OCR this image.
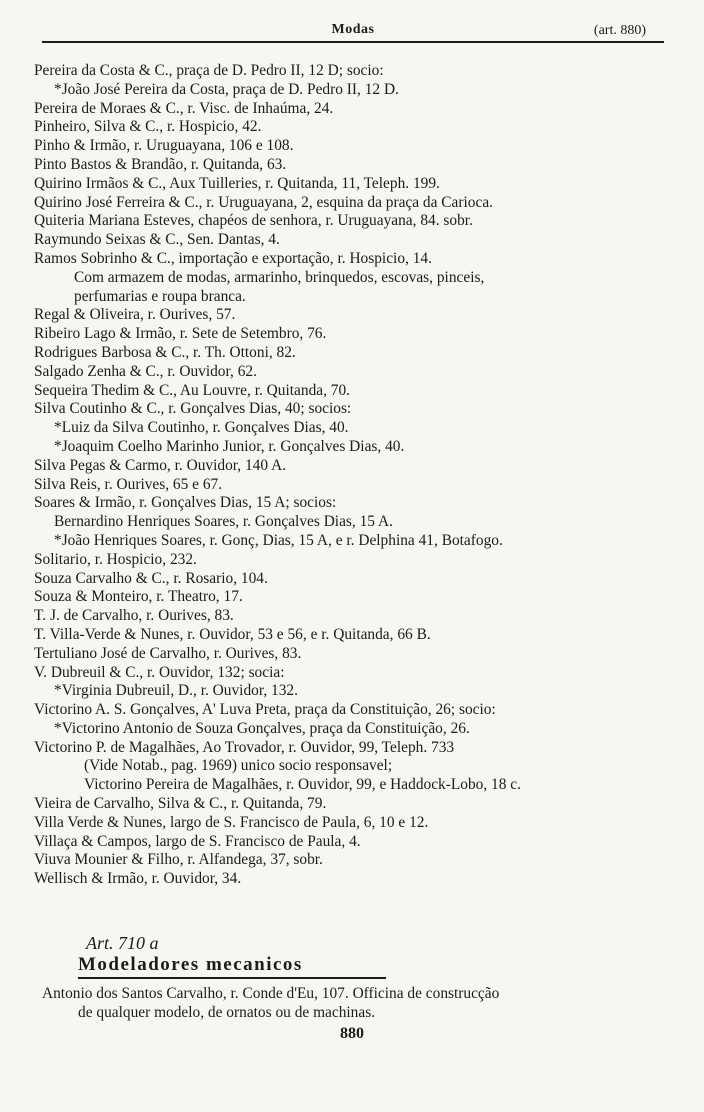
Modas	(art. 880)
Pereira da Costa & C., praça de D. Pedro II, 12 D; socio:
*João José Pereira da Costa, praça de D. Pedro II, 12 D.
Pereira de Moraes & C., r. Visc. de Inhaúma, 24.
Pinheiro, Silva & C., r. Hospicio, 42.
Pinho & Irmão, r. Uruguayana, 106 e 108.
Pinto Bastos & Brandão, r. Quitanda, 63.
Quirino Irmãos & C., Aux Tuilleries, r. Quitanda, 11, Teleph. 199.
Quirino José Ferreira & C., r. Uruguayana, 2, esquina da praça da Carioca.
Quiteria Mariana Esteves, chapéos de senhora, r. Uruguayana, 84. sobr.
Raymundo Seixas & C., Sen. Dantas, 4.
Ramos Sobrinho & C., importação e exportação, r. Hospicio, 14.
Com armazem de modas, armarinho, brinquedos, escovas, pinceis,
perfumarias e roupa branca.
Regal & Oliveira, r. Ourives, 57.
Ribeiro Lago & Irmão, r. Sete de Setembro, 76.
Rodrigues Barbosa & C., r. Th. Ottoni, 82.
Salgado Zenha & C., r. Ouvidor, 62.
Sequeira Thedim & C., Au Louvre, r. Quitanda, 70.
Silva Coutinho & C., r. Gonçalves Dias, 40; socios:
*Luiz da Silva Coutinho, r. Gonçalves Dias, 40.
*Joaquim Coelho Marinho Junior, r. Gonçalves Dias, 40.
Silva Pegas & Carmo, r. Ouvidor, 140 A.
Silva Reis, r. Ourives, 65 e 67.
Soares & Irmão, r. Gonçalves Dias, 15 A; socios:
Bernardino Henriques Soares, r. Gonçalves Dias, 15 A.
*João Henriques Soares, r. Gonç, Dias, 15 A, e r. Delphina 41, Botafogo.
Solitario, r. Hospicio, 232.
Souza Carvalho & C., r. Rosario, 104.
Souza & Monteiro, r. Theatro, 17.
T. J. de Carvalho, r. Ourives, 83.
T. Villa-Verde & Nunes, r. Ouvidor, 53 e 56, e r. Quitanda, 66 B.
Tertuliano José de Carvalho, r. Ourives, 83.
V. Dubreuil & C., r. Ouvidor, 132; socia:
*Virginia Dubreuil, D., r. Ouvidor, 132.
Victorino A. S. Gonçalves, A' Luva Preta, praça da Constituição, 26; socio:
*Victorino Antonio de Souza Gonçalves, praça da Constituição, 26.
Victorino P. de Magalhães, Ao Trovador, r. Ouvidor, 99, Teleph. 733
(Vide Notab., pag. 1969) unico socio responsavel;
Victorino Pereira de Magalhães, r. Ouvidor, 99, e Haddock-Lobo, 18 c.
Vieira de Carvalho, Silva & C., r. Quitanda, 79.
Villa Verde & Nunes, largo de S. Francisco de Paula, 6, 10 e 12.
Villaça & Campos, largo de S. Francisco de Paula, 4.
Viuva Mounier & Filho, r. Alfandega, 37, sobr.
Wellisch & Irmão, r. Ouvidor, 34.
Art. 710 a
Modeladores mecanicos
Antonio dos Santos Carvalho, r. Conde d'Eu, 107. Officina de construcção
de qualquer modelo, de ornatos ou de machinas.
880
